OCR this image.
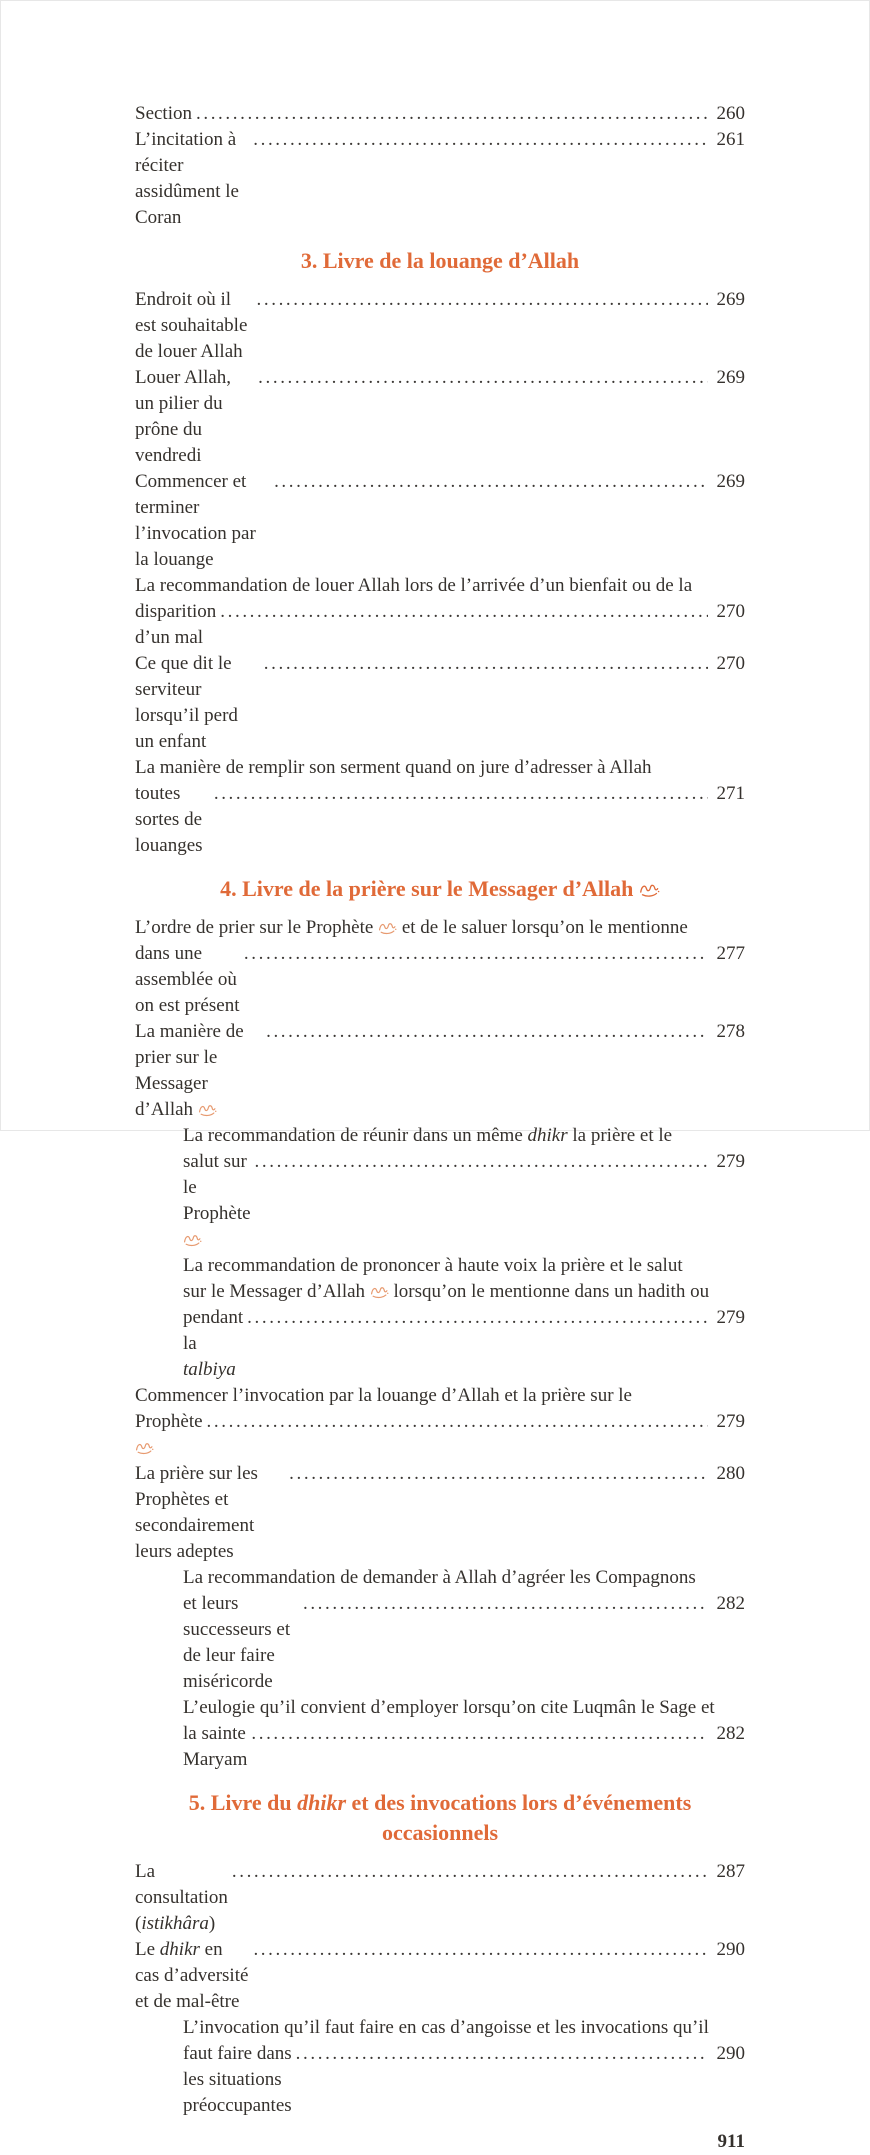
Section .....	260
L’incitation à réciter assidûment le Coran
.....
261
3. Livre de la louange d’Allah
Endroit où il est souhaitable de louer Allah
.....
269
Louer Allah, un pilier du prône du vendredi
.....
269
Commencer et terminer l’invocation par la louange
.....
269
La recommandation de louer Allah lors de l’arrivée d’un bienfait ou de la
disparition d’un mal
.....
270
Ce que dit le serviteur lorsqu’il perd un enfant
.....
270
La manière de remplir son serment quand on jure d’adresser à Allah
toutes sortes de louanges
.....
271
4. Livre de la prière sur le Messager d’Allah
L’ordre de prier sur le Prophète  et de le saluer lorsqu’on le mentionne
dans une assemblée où on est présent
.....
277
La manière de prier sur le Messager d’Allah
.....
278
La recommandation de réunir dans un même dhikr la prière et le
salut sur le Prophète
.....
279
La recommandation de prononcer à haute voix la prière et le salut
sur le Messager d’Allah  lorsqu’on le mentionne dans un hadith ou
pendant la talbiya
.....
279
Commencer l’invocation par la louange d’Allah et la prière sur le
Prophète .....	279
La prière sur les Prophètes et secondairement leurs adeptes
.....
280
La recommandation de demander à Allah d’agréer les Compagnons
et leurs successeurs et de leur faire miséricorde
.....
282
L’eulogie qu’il convient d’employer lorsqu’on cite Luqmân le Sage et
la sainte Maryam
.....
282
5. Livre du dhikr et des invocations lors d’événements
occasionnels
La consultation (istikhâra)
.....
287
Le dhikr en cas d’adversité et de mal-être
.....
290
L’invocation qu’il faut faire en cas d’angoisse et les invocations qu’il
faut faire dans les situations préoccupantes
.....
290
911
